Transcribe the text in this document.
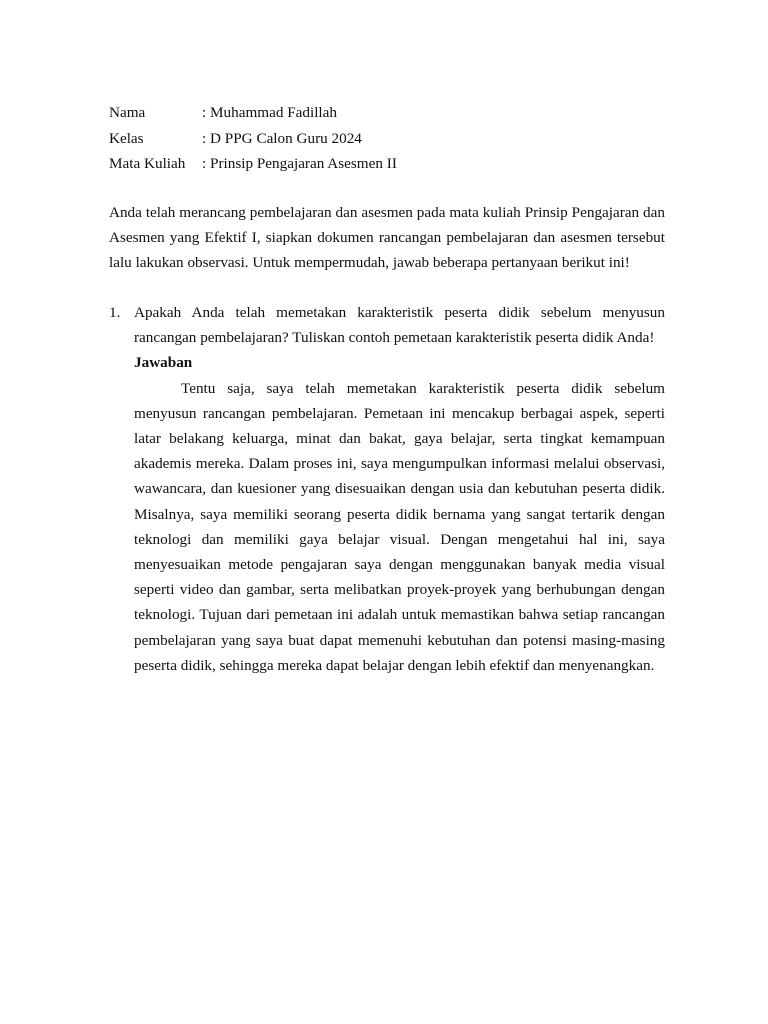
Nama	: Muhammad Fadillah
Kelas	: D PPG Calon Guru 2024
Mata Kuliah	: Prinsip Pengajaran Asesmen II

Anda telah merancang pembelajaran dan asesmen pada mata kuliah Prinsip Pengajaran dan Asesmen yang Efektif I, siapkan dokumen rancangan pembelajaran dan asesmen tersebut lalu lakukan observasi. Untuk mempermudah, jawab beberapa pertanyaan berikut ini!

1. Apakah Anda telah memetakan karakteristik peserta didik sebelum menyusun rancangan pembelajaran? Tuliskan contoh pemetaan karakteristik peserta didik Anda!

Jawaban

Tentu saja, saya telah memetakan karakteristik peserta didik sebelum menyusun rancangan pembelajaran. Pemetaan ini mencakup berbagai aspek, seperti latar belakang keluarga, minat dan bakat, gaya belajar, serta tingkat kemampuan akademis mereka. Dalam proses ini, saya mengumpulkan informasi melalui observasi, wawancara, dan kuesioner yang disesuaikan dengan usia dan kebutuhan peserta didik. Misalnya, saya memiliki seorang peserta didik bernama yang sangat tertarik dengan teknologi dan memiliki gaya belajar visual. Dengan mengetahui hal ini, saya menyesuaikan metode pengajaran saya dengan menggunakan banyak media visual seperti video dan gambar, serta melibatkan proyek-proyek yang berhubungan dengan teknologi. Tujuan dari pemetaan ini adalah untuk memastikan bahwa setiap rancangan pembelajaran yang saya buat dapat memenuhi kebutuhan dan potensi masing-masing peserta didik, sehingga mereka dapat belajar dengan lebih efektif dan menyenangkan.
